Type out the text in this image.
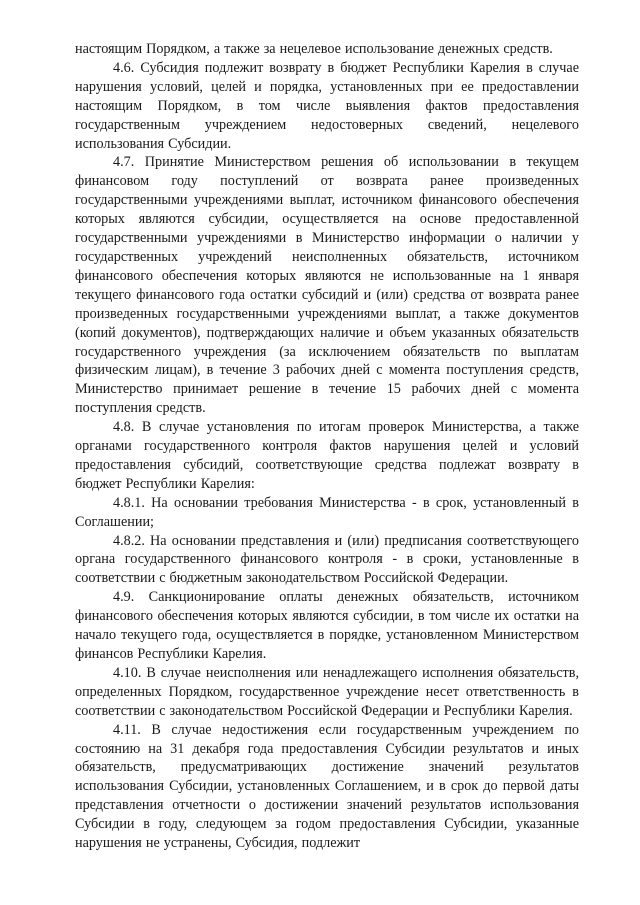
настоящим Порядком, а также за нецелевое использование денежных средств.

4.6. Субсидия подлежит возврату в бюджет Республики Карелия в случае нарушения условий, целей и порядка, установленных при ее предоставлении настоящим Порядком, в том числе выявления фактов предоставления государственным учреждением недостоверных сведений, нецелевого использования Субсидии.

4.7. Принятие Министерством решения об использовании в текущем финансовом году поступлений от возврата ранее произведенных государственными учреждениями выплат, источником финансового обеспечения которых являются субсидии, осуществляется на основе предоставленной государственными учреждениями в Министерство информации о наличии у государственных учреждений неисполненных обязательств, источником финансового обеспечения которых являются не использованные на 1 января текущего финансового года остатки субсидий и (или) средства от возврата ранее произведенных государственными учреждениями выплат, а также документов (копий документов), подтверждающих наличие и объем указанных обязательств государственного учреждения (за исключением обязательств по выплатам физическим лицам), в течение 3 рабочих дней с момента поступления средств, Министерство принимает решение в течение 15 рабочих дней с момента поступления средств.

4.8. В случае установления по итогам проверок Министерства, а также органами государственного контроля фактов нарушения целей и условий предоставления субсидий, соответствующие средства подлежат возврату в бюджет Республики Карелия:

4.8.1. На основании требования Министерства - в срок, установленный в Соглашении;

4.8.2. На основании представления и (или) предписания соответствующего органа государственного финансового контроля - в сроки, установленные в соответствии с бюджетным законодательством Российской Федерации.

4.9. Санкционирование оплаты денежных обязательств, источником финансового обеспечения которых являются субсидии, в том числе их остатки на начало текущего года, осуществляется в порядке, установленном Министерством финансов Республики Карелия.

4.10. В случае неисполнения или ненадлежащего исполнения обязательств, определенных Порядком, государственное учреждение несет ответственность в соответствии с законодательством Российской Федерации и Республики Карелия.

4.11. В случае недостижения если государственным учреждением по состоянию на 31 декабря года предоставления Субсидии результатов и иных обязательств, предусматривающих достижение значений результатов использования Субсидии, установленных Соглашением, и в срок до первой даты представления отчетности о достижении значений результатов использования Субсидии в году, следующем за годом предоставления Субсидии, указанные нарушения не устранены, Субсидия, подлежит
